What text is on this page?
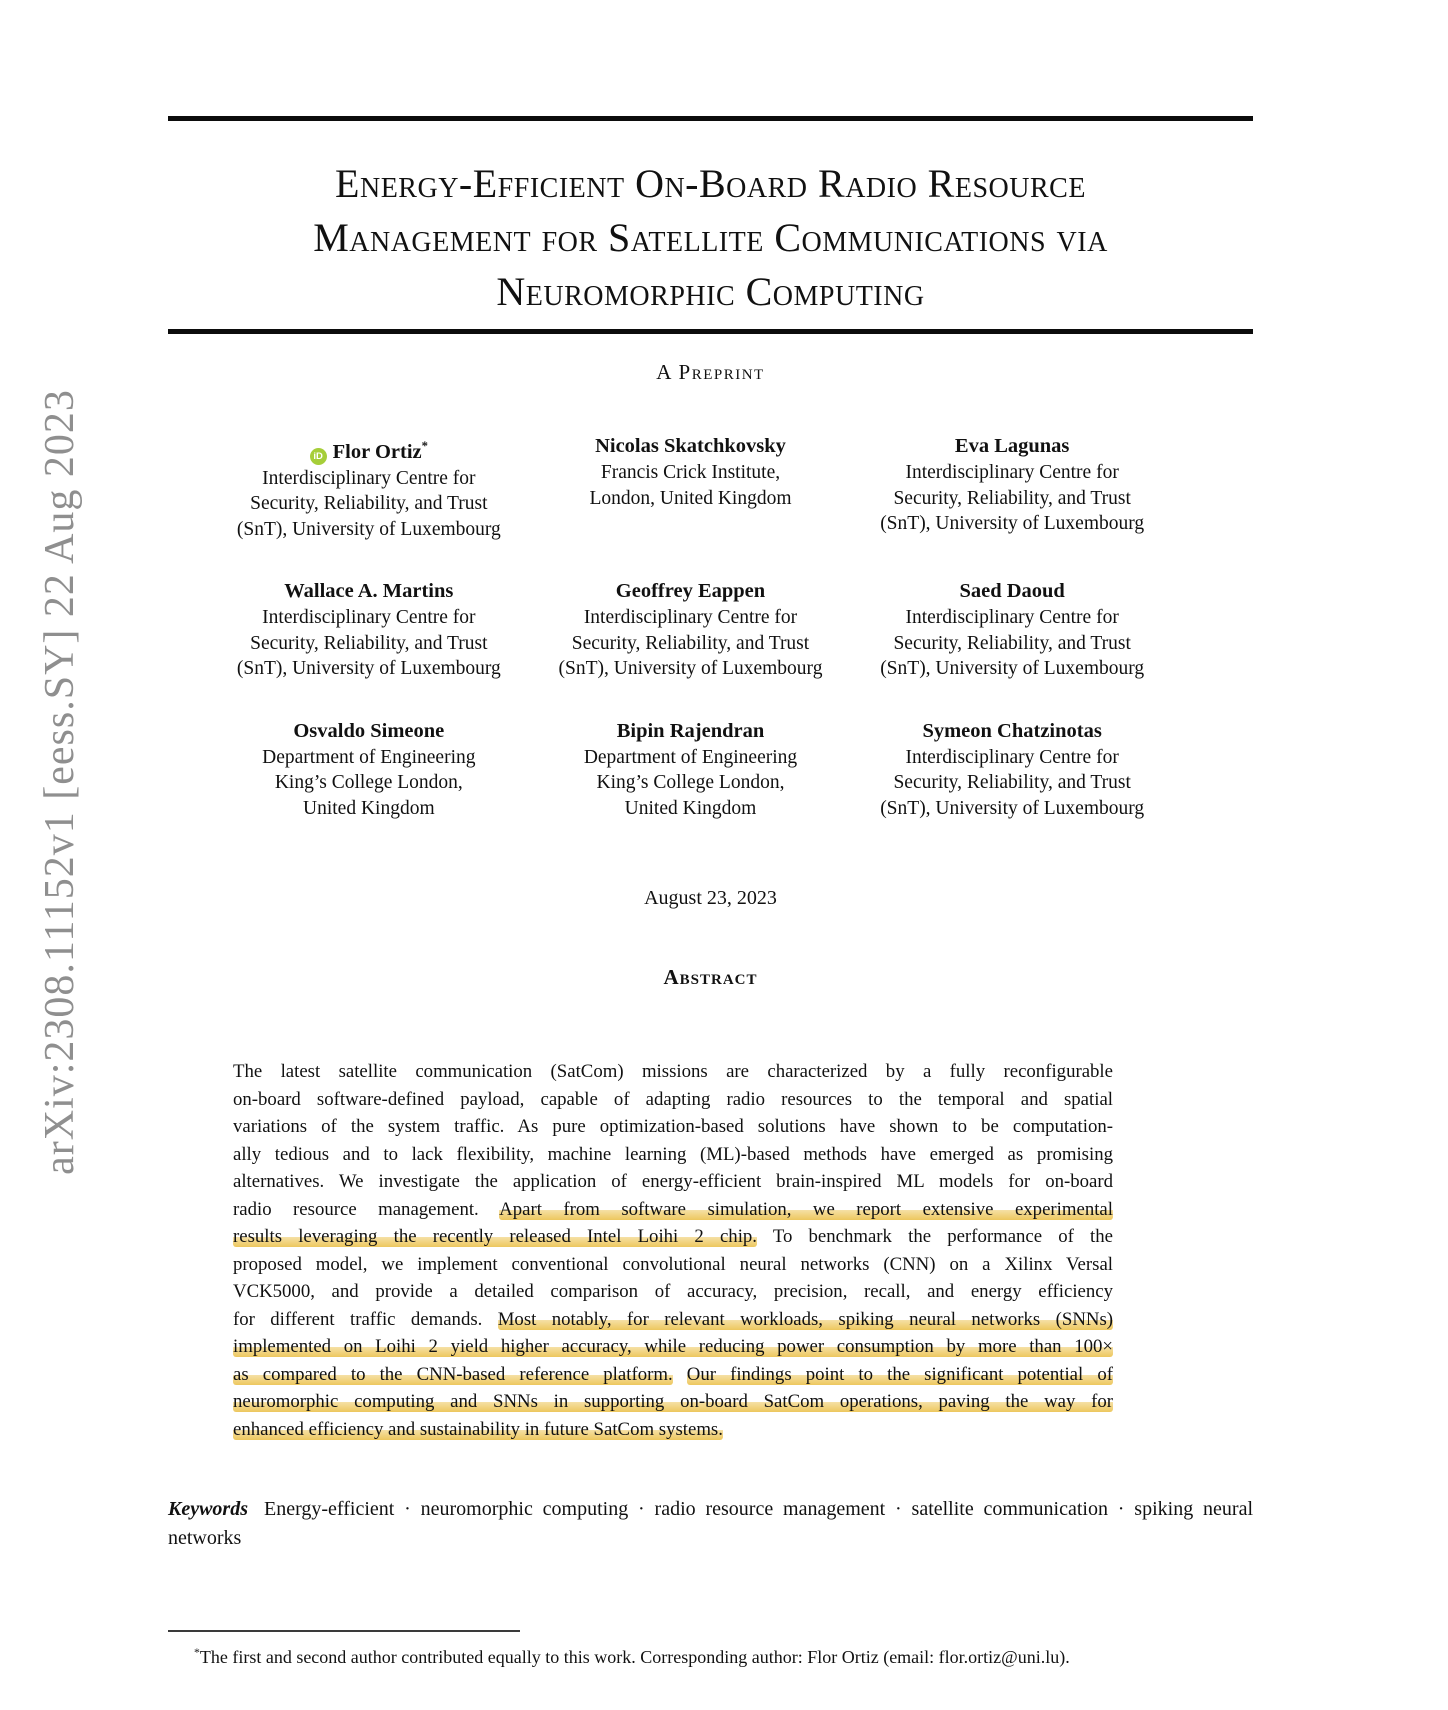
arXiv:2308.11152v1 [eess.SY] 22 Aug 2023
Energy-Efficient On-Board Radio Resource
Management for Satellite Communications via
Neuromorphic Computing
A Preprint
iD Flor Ortiz*
Interdisciplinary Centre for
Security, Reliability, and Trust
(SnT), University of Luxembourg
Nicolas Skatchkovsky
Francis Crick Institute,
London, United Kingdom
Eva Lagunas
Interdisciplinary Centre for
Security, Reliability, and Trust
(SnT), University of Luxembourg
Wallace A. Martins
Interdisciplinary Centre for
Security, Reliability, and Trust
(SnT), University of Luxembourg
Geoffrey Eappen
Interdisciplinary Centre for
Security, Reliability, and Trust
(SnT), University of Luxembourg
Saed Daoud
Interdisciplinary Centre for
Security, Reliability, and Trust
(SnT), University of Luxembourg
Osvaldo Simeone
Department of Engineering
King’s College London,
United Kingdom
Bipin Rajendran
Department of Engineering
King’s College London,
United Kingdom
Symeon Chatzinotas
Interdisciplinary Centre for
Security, Reliability, and Trust
(SnT), University of Luxembourg
August 23, 2023
Abstract
The latest satellite communication (SatCom) missions are characterized by a fully reconfigurable
on-board software-defined payload, capable of adapting radio resources to the temporal and spatial
variations of the system traffic. As pure optimization-based solutions have shown to be computation-
ally tedious and to lack flexibility, machine learning (ML)-based methods have emerged as promising
alternatives. We investigate the application of energy-efficient brain-inspired ML models for on-board
radio resource management. Apart from software simulation, we report extensive experimental
results leveraging the recently released Intel Loihi 2 chip. To benchmark the performance of the
proposed model, we implement conventional convolutional neural networks (CNN) on a Xilinx Versal
VCK5000, and provide a detailed comparison of accuracy, precision, recall, and energy efficiency
for different traffic demands. Most notably, for relevant workloads, spiking neural networks (SNNs)
implemented on Loihi 2 yield higher accuracy, while reducing power consumption by more than 100×
as compared to the CNN-based reference platform. Our findings point to the significant potential of
neuromorphic computing and SNNs in supporting on-board SatCom operations, paving the way for
enhanced efficiency and sustainability in future SatCom systems.
Keywords Energy-efficient · neuromorphic computing · radio resource management · satellite communication · spiking neural networks
*The first and second author contributed equally to this work. Corresponding author: Flor Ortiz (email: flor.ortiz@uni.lu).
